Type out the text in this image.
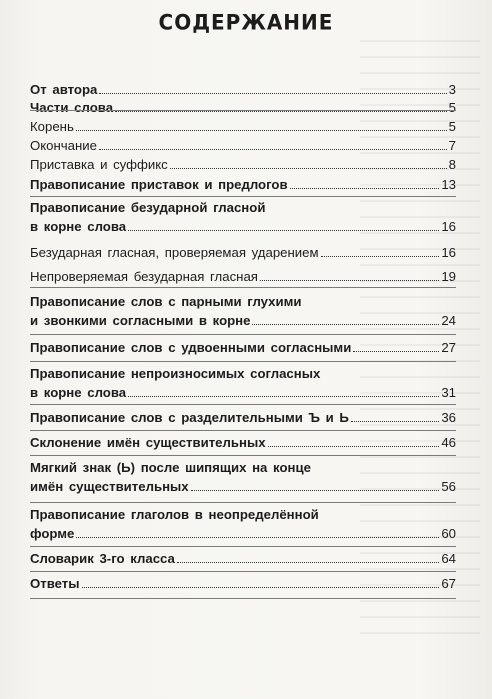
СОДЕРЖАНИЕ
От автора	3
Части слова	5
Корень	5
Окончание	7
Приставка и суффикс	8
Правописание приставок и предлогов	13
Правописание безударной гласной
в корне слова	16
Безударная гласная, проверяемая ударением	16
Непроверяемая безударная гласная	19
Правописание слов с парными глухими
и звонкими согласными в корне	24
Правописание слов с удвоенными согласными	27
Правописание непроизносимых согласных
в корне слова	31
Правописание слов с разделительными Ъ и Ь	36
Склонение имён существительных	46
Мягкий знак (Ь) после шипящих на конце
имён существительных	56
Правописание глаголов в неопределённой
форме	60
Словарик 3-го класса	64
Ответы	67
